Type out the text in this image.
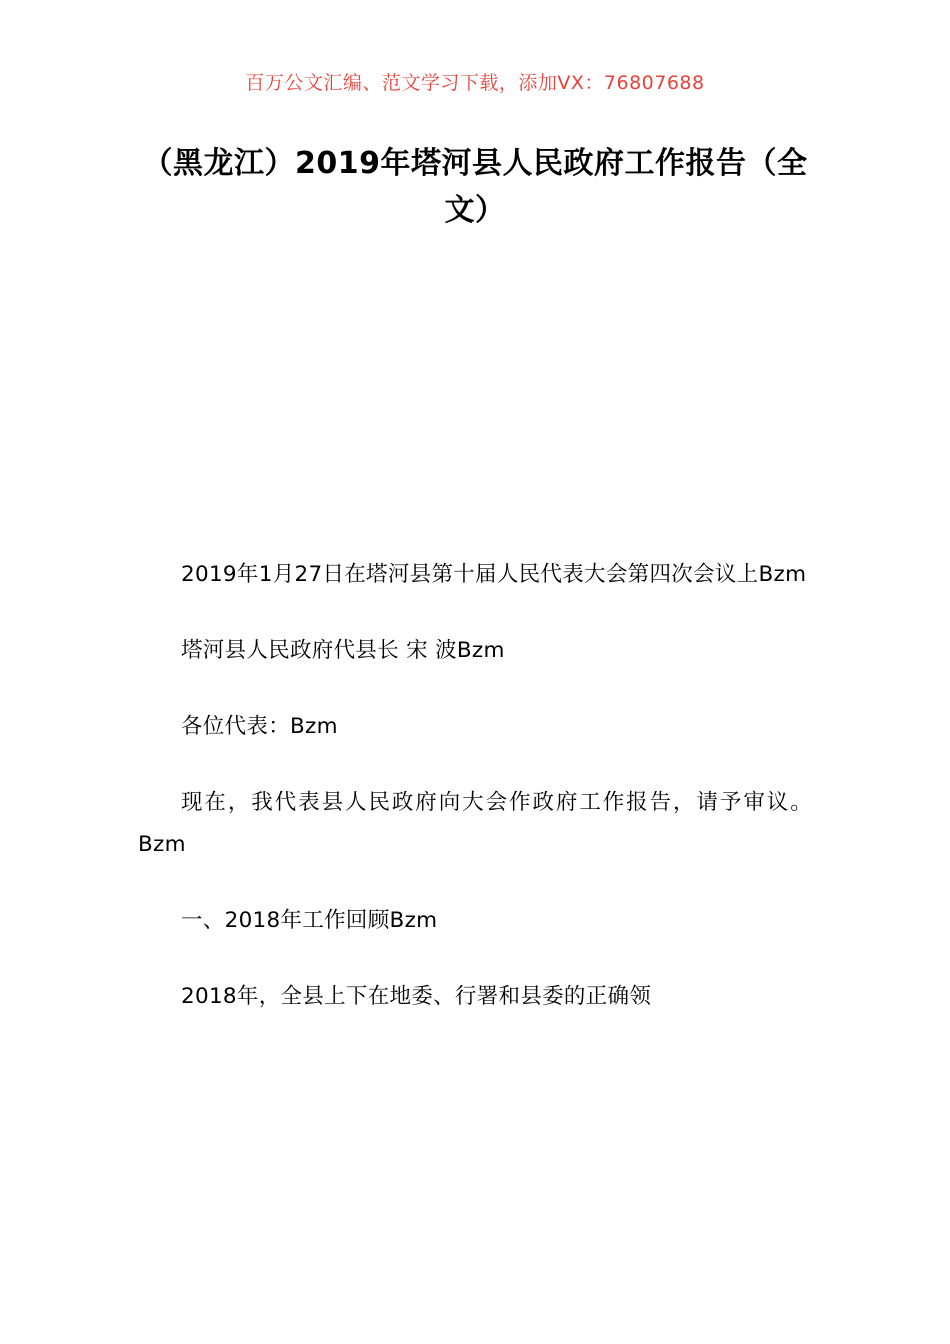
百万公文汇编、范文学习下载，添加VX：76807688
（黑龙江）2019年塔河县人民政府工作报告（全文）

2019年1月27日在塔河县第十届人民代表大会第四次会议上Bzm

塔河县人民政府代县长 宋 波Bzm

各位代表：Bzm

现在，我代表县人民政府向大会作政府工作报告，请予审议。Bzm

一、2018年工作回顾Bzm

2018年，全县上下在地委、行署和县委的正确领
